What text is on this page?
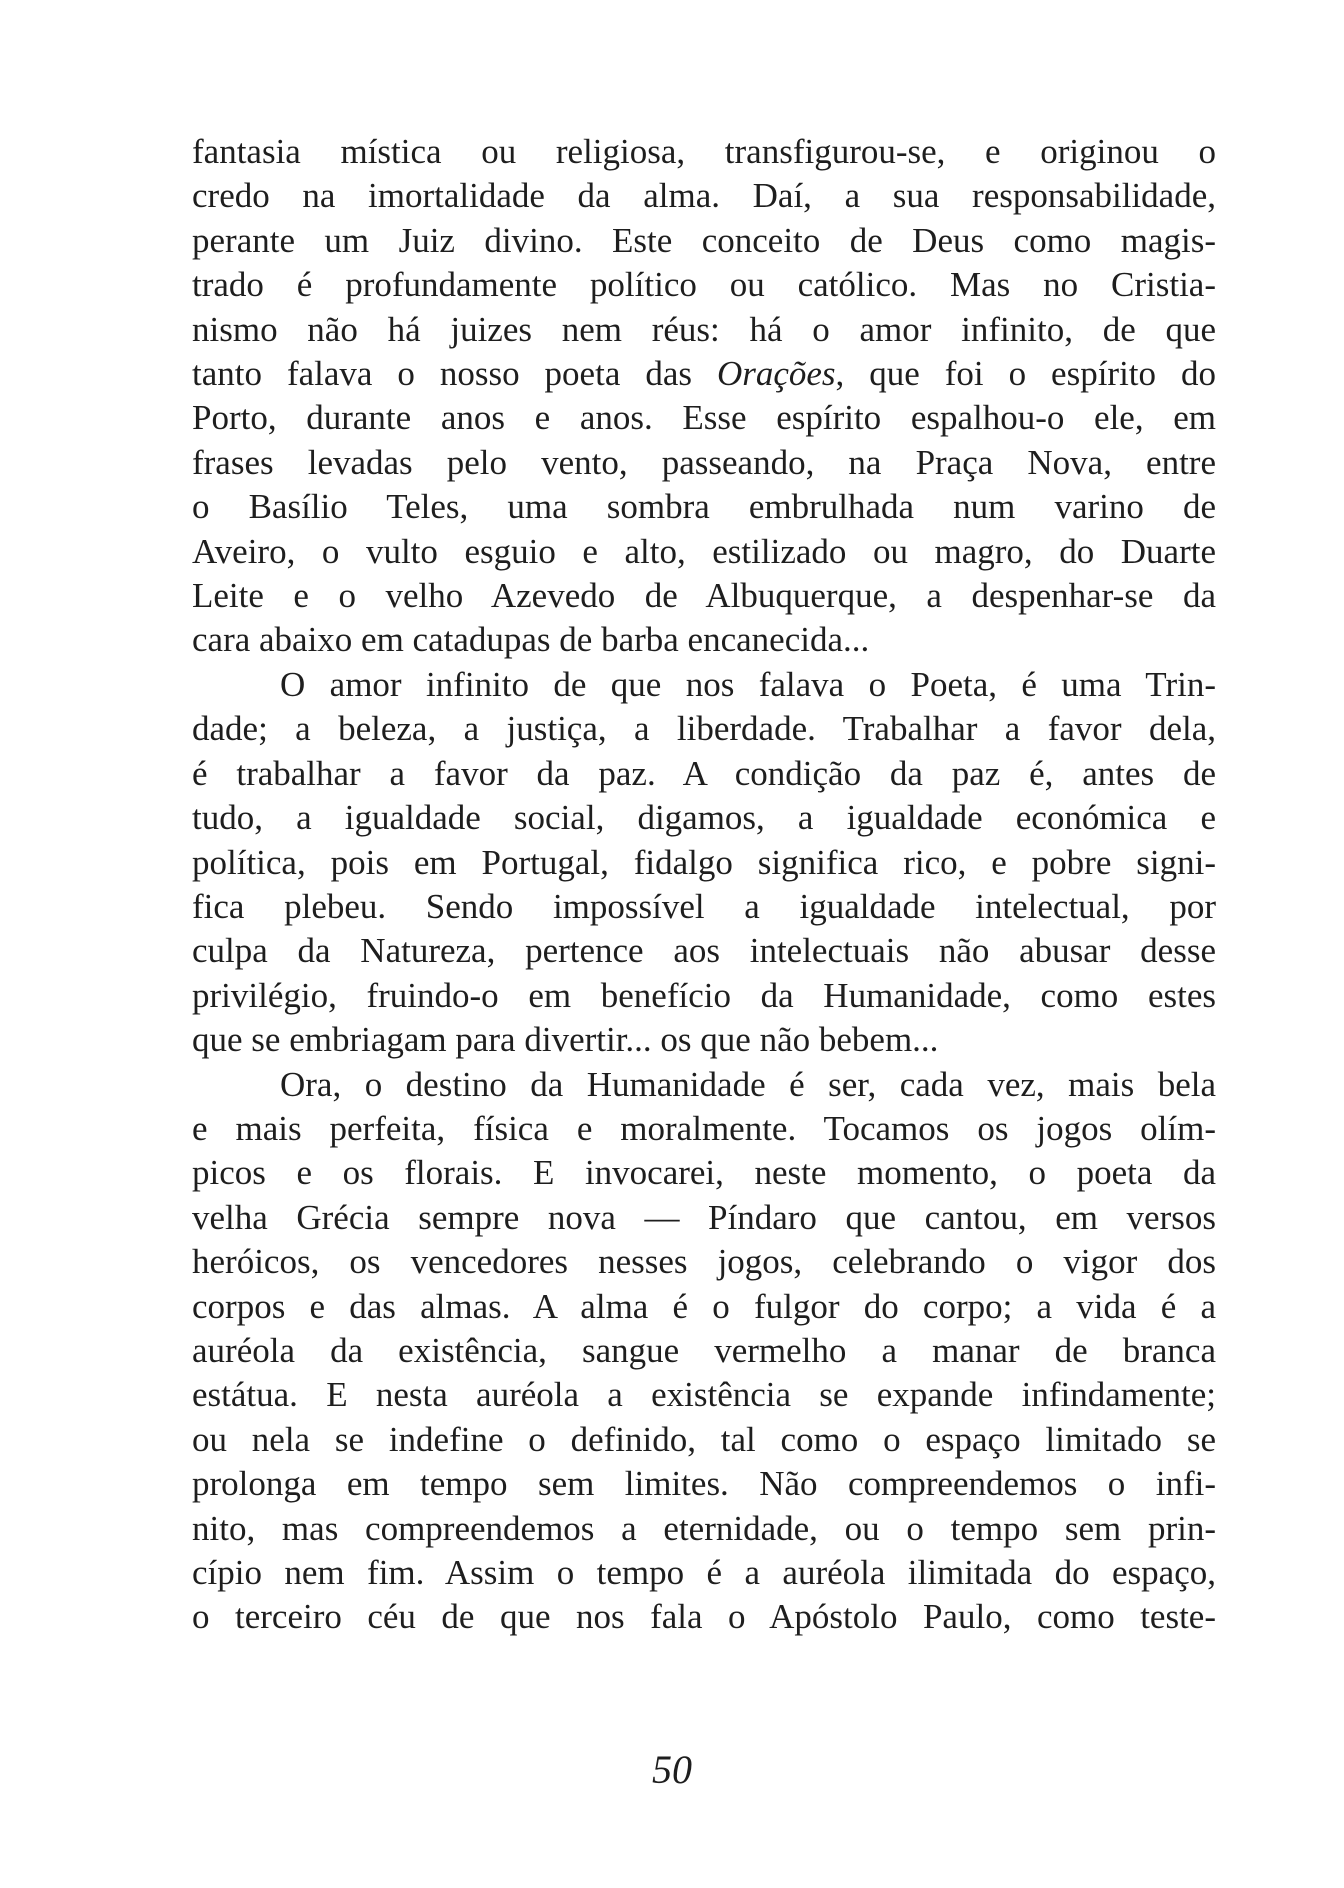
fantasia mística ou religiosa, transfigurou-se, e originou o
credo na imortalidade da alma. Daí, a sua responsabilidade,
perante um Juiz divino. Este conceito de Deus como magis-
trado é profundamente político ou católico. Mas no Cristia-
nismo não há juizes nem réus: há o amor infinito, de que
tanto falava o nosso poeta das Orações, que foi o espírito do
Porto, durante anos e anos. Esse espírito espalhou-o ele, em
frases levadas pelo vento, passeando, na Praça Nova, entre
o Basílio Teles, uma sombra embrulhada num varino de
Aveiro, o vulto esguio e alto, estilizado ou magro, do Duarte
Leite e o velho Azevedo de Albuquerque, a despenhar-se da
cara abaixo em catadupas de barba encanecida...
O amor infinito de que nos falava o Poeta, é uma Trin-
dade; a beleza, a justiça, a liberdade. Trabalhar a favor dela,
é trabalhar a favor da paz. A condição da paz é, antes de
tudo, a igualdade social, digamos, a igualdade económica e
política, pois em Portugal, fidalgo significa rico, e pobre signi-
fica plebeu. Sendo impossível a igualdade intelectual, por
culpa da Natureza, pertence aos intelectuais não abusar desse
privilégio, fruindo-o em benefício da Humanidade, como estes
que se embriagam para divertir... os que não bebem...
Ora, o destino da Humanidade é ser, cada vez, mais bela
e mais perfeita, física e moralmente. Tocamos os jogos olím-
picos e os florais. E invocarei, neste momento, o poeta da
velha Grécia sempre nova — Píndaro que cantou, em versos
heróicos, os vencedores nesses jogos, celebrando o vigor dos
corpos e das almas. A alma é o fulgor do corpo; a vida é a
auréola da existência, sangue vermelho a manar de branca
estátua. E nesta auréola a existência se expande infindamente;
ou nela se indefine o definido, tal como o espaço limitado se
prolonga em tempo sem limites. Não compreendemos o infi-
nito, mas compreendemos a eternidade, ou o tempo sem prin-
cípio nem fim. Assim o tempo é a auréola ilimitada do espaço,
o terceiro céu de que nos fala o Apóstolo Paulo, como teste-
50
